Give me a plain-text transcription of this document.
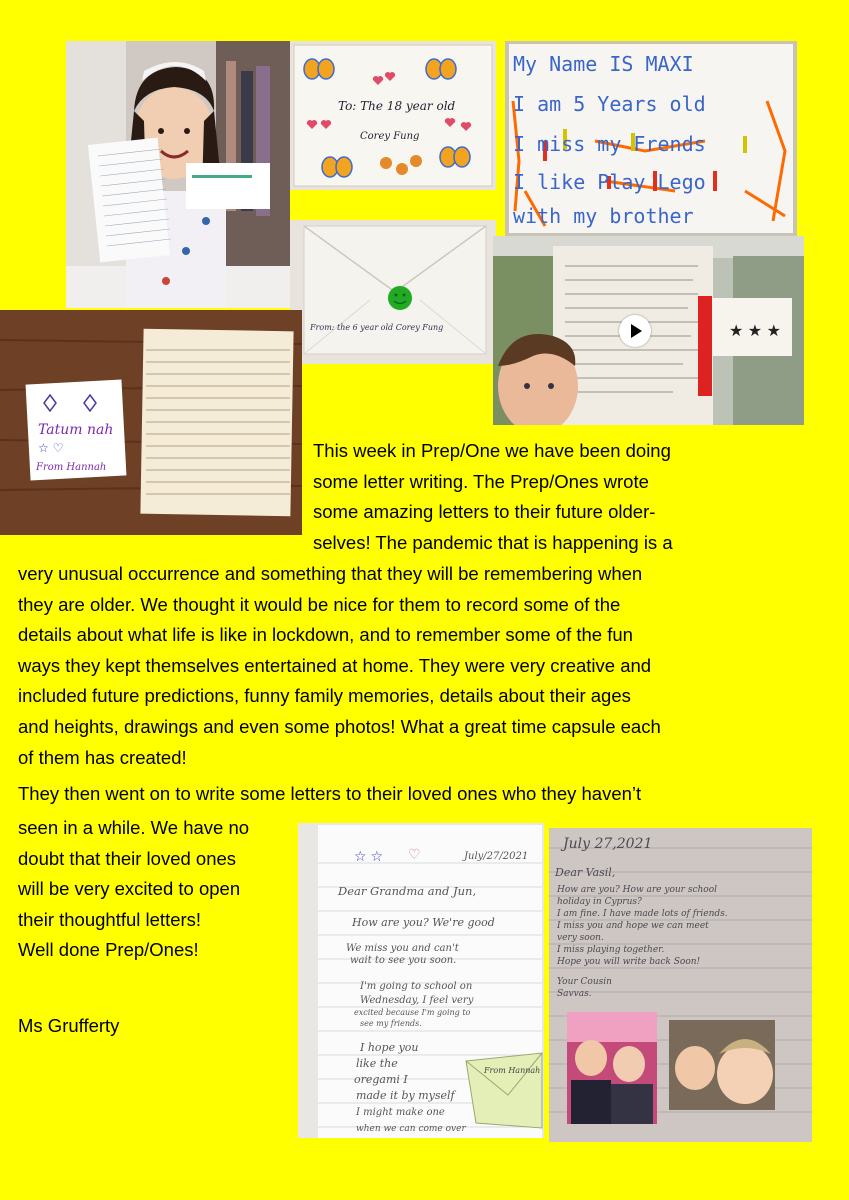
To: The 18 year old
Corey Fung
My Name IS MAXI
I am 5 Years old
I miss my Frends
I like Play Lego
with my brother
From: the 6 year old Corey Fung	★ ★ ★
Tatum nah
☆ ♡
From Hannah
This week in Prep/One we have been doing
some letter writing. The Prep/Ones wrote
some amazing letters to their future older-
selves! The pandemic that is happening is a
very unusual occurrence and something that they will be remembering when
they are older. We thought it would be nice for them to record some of the
details about what life is like in lockdown, and to remember some of the fun
ways they kept themselves entertained at home. They were very creative and
included future predictions, funny family memories, details about their ages
and heights, drawings and even some photos! What a great time capsule each
of them has created!
They then went on to write some letters to their loved ones who they haven’t
seen in a while. We have no
doubt that their loved ones
will be very excited to open
their thoughtful letters!
Well done Prep/Ones!
Ms Grufferty
☆ ☆ ♡	July/27/2021
Dear Grandma and Jun,
How are you? We're good
We miss you and can't
wait to see you soon.
I'm going to school on
Wednesday, I feel very
excited because I'm going to
see my friends.
I hope you
like the
oregami I
made it by myself
I might make one
when we can come over
From Hannah
July 27,2021
Dear Vasil,
How are you? How are your school
holiday in Cyprus?
I am fine. I have made lots of friends.
I miss you and hope we can meet
very soon.
I miss playing together.
Hope you will write back Soon!
Your Cousin
Savvas.
